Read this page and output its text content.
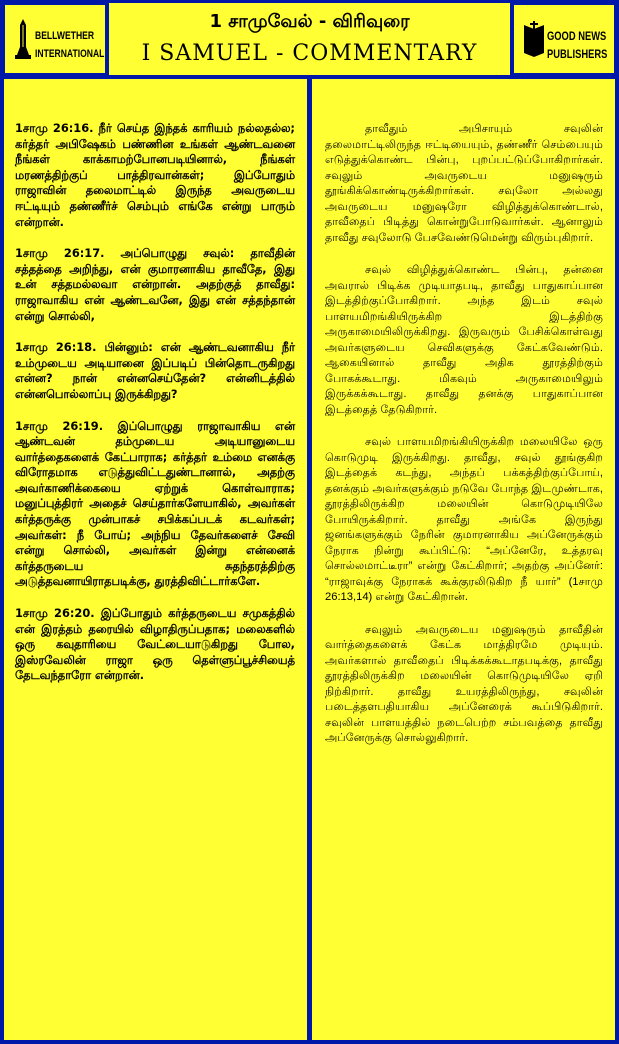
BELLWETHER
INTERNATIONAL
1 சாமுவேல் - விரிவுரை
I SAMUEL - COMMENTARY
GOOD NEWS
PUBLISHERS

1சாமு 26:16. நீர் செய்த இந்தக் காரியம் நல்லதல்ல; கர்த்தர் அபிஷேகம் பண்ணின உங்கள் ஆண்டவனை நீங்கள் காக்காமற்போனபடியினால், நீங்கள் மரணத்திற்குப் பாத்திரவான்கள்; இப்போதும் ராஜாவின் தலைமாட்டில் இருந்த அவருடைய ஈட்டியும் தண்ணீர்ச் செம்பும் எங்கே என்று பாரும் என்றான்.

1சாமு 26:17. அப்பொழுது சவுல்: தாவீதின் சத்தத்தை அறிந்து, என் குமாரனாகிய தாவீதே, இது உன் சத்தமல்லவா என்றான். அதற்குத் தாவீது: ராஜாவாகிய என் ஆண்டவனே, இது என் சத்தந்தான் என்று சொல்லி,

1சாமு 26:18. பின்னும்: என் ஆண்டவனாகிய நீர் உம்முடைய அடியானை இப்படிப் பின்தொடருகிறது என்ன? நான் என்னசெய்தேன்? என்னிடத்தில் என்னபொல்லாப்பு இருக்கிறது?

1சாமு 26:19. இப்பொழுது ராஜாவாகிய என் ஆண்டவன் தம்முடைய அடியானுடைய வார்த்தைகளைக் கேட்பாராக; கர்த்தர் உம்மை எனக்கு விரோதமாக எடுத்துவிட்டதுண்டானால், அதற்கு அவர்காணிக்கையை ஏற்றுக் கொள்வாராக; மனுப்புத்திரர் அதைச் செய்தார்களேயாகில், அவர்கள் கர்த்தருக்கு முன்பாகச் சபிக்கப்படக் கடவர்கள்; அவர்கள்: நீ போய்; அந்நிய தேவர்களைச் சேவி என்று சொல்லி, அவர்கள் இன்று என்னைக் கர்த்தருடைய சுதந்தரத்திற்கு அடுத்தவனாயிராதபடிக்கு, துரத்திவிட்டார்களே.

1சாமு 26:20. இப்போதும் கர்த்தருடைய சமுகத்தில் என் இரத்தம் தரையில் விழாதிருப்பதாக; மலைகளில் ஒரு கவுதாரியை வேட்டையாடுகிறது போல, இஸ்ரவேலின் ராஜா ஒரு தெள்ளுப்பூச்சியைத் தேடவந்தாரோ என்றான்.

தாவீதும் அபிசாயும் சவுலின் தலைமாட்டிலிருந்த ஈட்டியையும், தண்ணீர் செம்பையும் எடுத்துக்கொண்ட பின்பு, புறப்பட்டுப்போகிறார்கள். சவுலும் அவருடைய மனுஷரும் தூங்கிக்கொண்டிருக்கிறார்கள். சவுலோ அல்லது அவருடைய மனுஷரோ விழித்துக்கொண்டால், தாவீதைப் பிடித்து கொன்றுபோடுவார்கள். ஆனாலும் தாவீது சவுலோடு பேசவேண்டுமென்று விரும்புகிறார்.

சவுல் விழித்துக்கொண்ட பின்பு, தன்னை அவரால் பிடிக்க முடியாதபடி, தாவீது பாதுகாப்பான இடத்திற்குப்போகிறார். அந்த இடம் சவுல் பாளயமிறங்கியிருக்கிற இடத்திற்கு அருகாமையிலிருக்கிறது. இருவரும் பேசிக்கொள்வது அவர்களுடைய செவிகளுக்கு கேட்கவேண்டும். ஆகையினால் தாவீது அதிக தூரத்திற்கும் போகக்கூடாது. மிகவும் அருகாமையிலும் இருக்கக்கூடாது. தாவீது தனக்கு பாதுகாப்பான இடத்தைத் தேடுகிறார்.

சவுல் பாளயமிறங்கியிருக்கிற மலையிலே ஒரு கொடுமுடி இருக்கிறது. தாவீது, சவுல் தூங்குகிற இடத்தைக் கடந்து, அந்தப் பக்கத்திற்குப்போய், தனக்கும் அவர்களுக்கும் நடுவே போந்த இடமுண்டாக, தூரத்திலிருக்கிற மலையின் கொடுமுடியிலே போயிருக்கிறார். தாவீது அங்கே இருந்து ஜனங்களுக்கும் நேரின் குமாரனாகிய அப்னேருக்கும் நேராக நின்று கூப்பிட்டு: “அப்னேரே, உத்தரவு சொல்லமாட்டீரா” என்று கேட்கிறார்; அதற்கு அப்னேர்: “ராஜாவுக்கு நேராகக் கூக்குரலிடுகிற நீ யார்” (1சாமு 26:13,14) என்று கேட்கிறான்.

சவுலும் அவருடைய மனுஷரும் தாவீதின் வார்த்தைகளைக் கேட்க மாத்திரமே முடியும். அவர்களால் தாவீதைப் பிடிக்கக்கூடாதபடிக்கு, தாவீது தூரத்திலிருக்கிற மலையின் கொடுமுடியிலே ஏறி நிற்கிறார். தாவீது உயரத்திலிருந்து, சவுலின் படைத்தளபதியாகிய அப்னேரைக் கூப்பிடுகிறார். சவுலின் பாளயத்தில் நடைபெற்ற சம்பவத்தை தாவீது அப்னேருக்கு சொல்லுகிறார்.
